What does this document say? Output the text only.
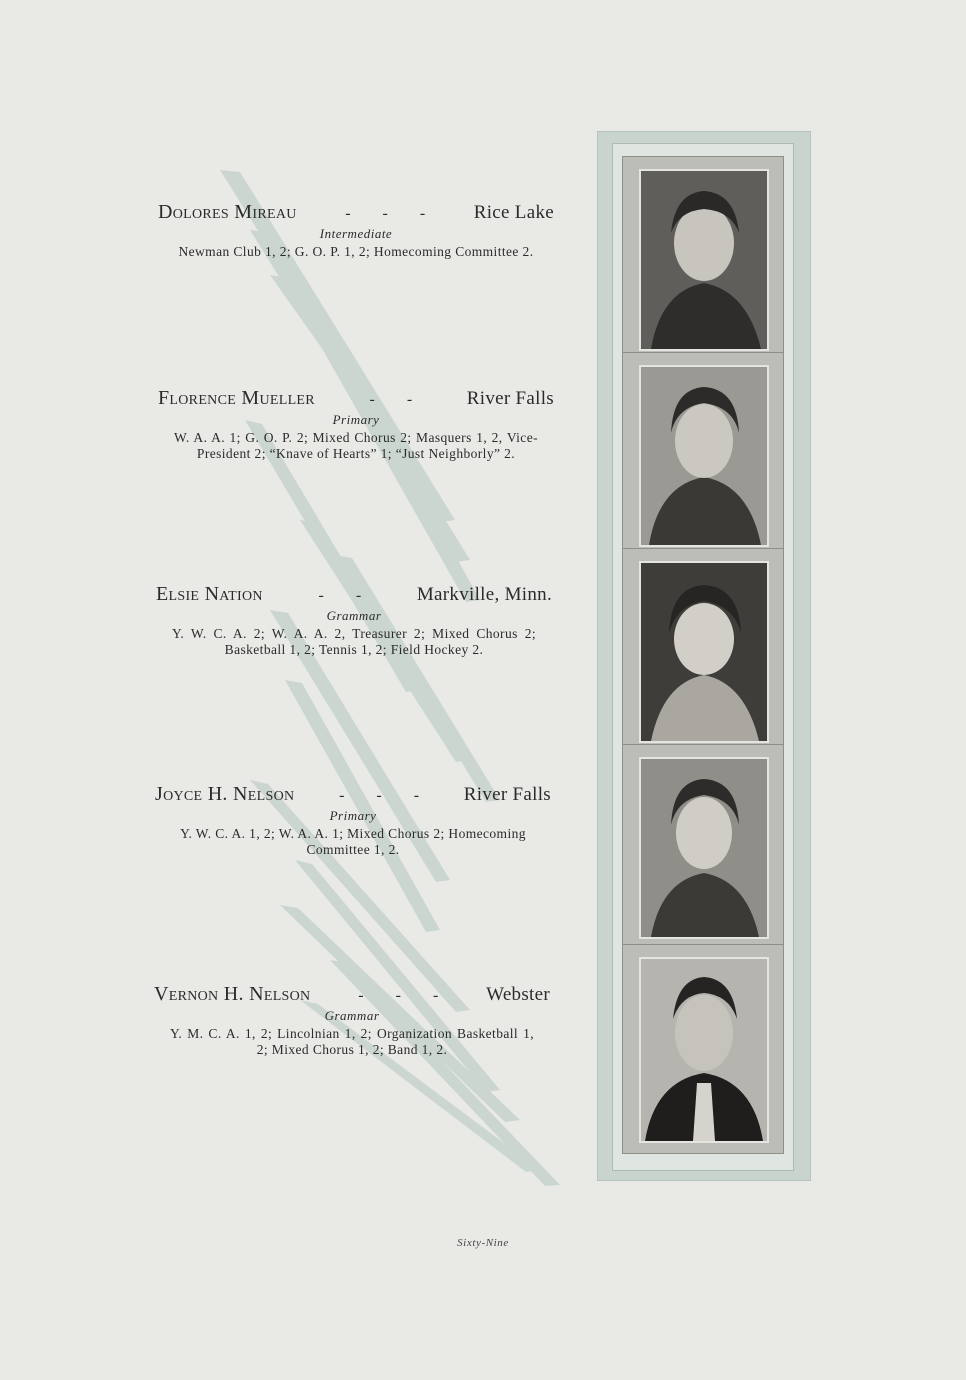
Dolores Mireau	- - - Rice Lake
Intermediate
Newman Club 1, 2; G. O. P. 1, 2; Homecoming Committee 2.
Florence Mueller	- - River Falls
Primary
W. A. A. 1; G. O. P. 2; Mixed Chorus 2; Masquers 1, 2, Vice-President 2; “Knave of Hearts” 1; “Just Neighborly” 2.
Elsie Nation	- - Markville, Minn.
Grammar
Y. W. C. A. 2; W. A. A. 2, Treasurer 2; Mixed Chorus 2; Basketball 1, 2; Tennis 1, 2; Field Hockey 2.
Joyce H. Nelson	- - - River Falls
Primary
Y. W. C. A. 1, 2; W. A. A. 1; Mixed Chorus 2; Homecoming Committee 1, 2.
Vernon H. Nelson	- - - Webster
Grammar
Y. M. C. A. 1, 2; Lincolnian 1, 2; Organization Basketball 1, 2; Mixed Chorus 1, 2; Band 1, 2.
Sixty-Nine
